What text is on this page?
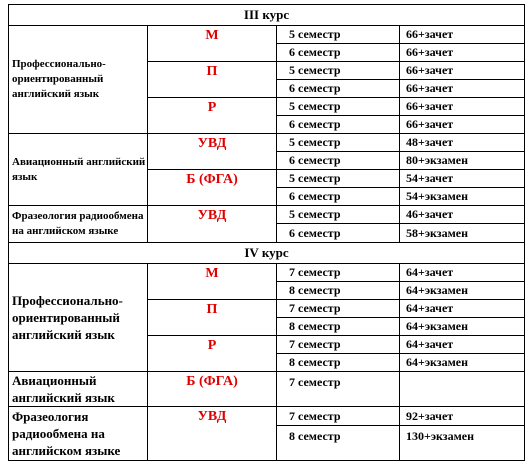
III курс			
Профессионально-ориентированный английский язык	М	5 семестр	66+зачет
		6 семестр	66+зачет
	П	5 семестр	66+зачет
		6 семестр	66+зачет
	Р	5 семестр	66+зачет
		6 семестр	66+зачет
Авиационный английский язык	УВД	5 семестр	48+зачет
		6 семестр	80+экзамен
	Б (ФГА)	5 семестр	54+зачет
		6 семестр	54+экзамен
Фразеология радиообмена на английском языке	УВД	5 семестр	46+зачет
		6 семестр	58+экзамен
IV курс			
Профессионально-ориентированный английский язык	М	7 семестр	64+зачет
		8 семестр	64+экзамен
	П	7 семестр	64+зачет
		8 семестр	64+экзамен
	Р	7 семестр	64+зачет
		8 семестр	64+экзамен
Авиационный английский язык	Б (ФГА)	7 семестр	
Фразеология радиообмена на английском языке	УВД	7 семестр	92+зачет
		8 семестр	130+экзамен
